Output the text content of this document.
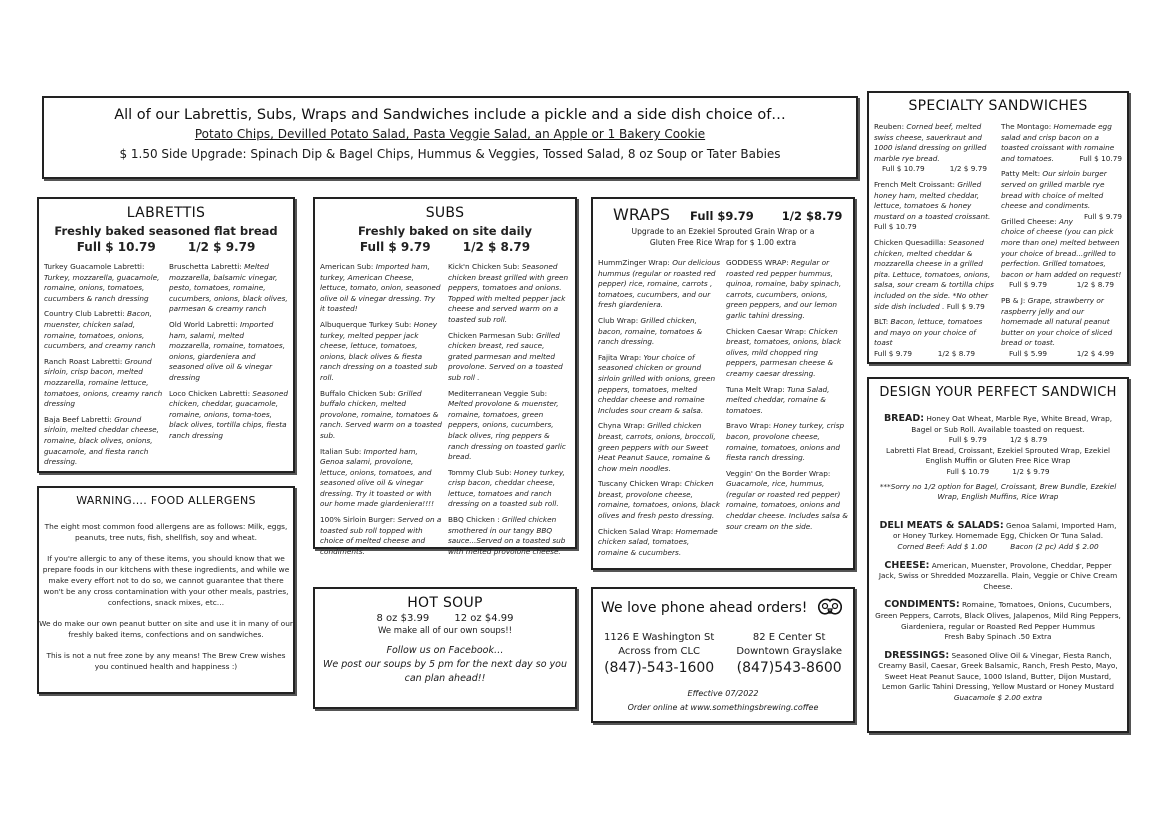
All of our Labrettis, Subs, Wraps and Sandwiches include a pickle and a side dish choice of…
Potato Chips, Devilled Potato Salad, Pasta Veggie Salad, an Apple or 1 Bakery Cookie
$ 1.50 Side Upgrade: Spinach Dip & Bagel Chips, Hummus & Veggies, Tossed Salad, 8 oz Soup or Tater Babies
LABRETTIS
Freshly baked seasoned flat bread
Full $ 10.79	1/2 $ 9.79
Turkey Guacamole Labretti: Turkey, mozzarella, guacamole, romaine, onions, tomatoes, cucumbers & ranch dressing
Country Club Labretti: Bacon, muenster, chicken salad, romaine, tomatoes, onions, cucumbers, and creamy ranch
Ranch Roast Labretti: Ground sirloin, crisp bacon, melted mozzarella, romaine lettuce, tomatoes, onions, creamy ranch dressing
Baja Beef Labretti: Ground sirloin, melted cheddar cheese, romaine, black olives, onions, guacamole, and fiesta ranch dressing.
Bruschetta Labretti: Melted mozzarella, balsamic vinegar, pesto, tomatoes, romaine, cucumbers, onions, black olives, parmesan & creamy ranch
Old World Labretti: Imported ham, salami, melted mozzarella, romaine, tomatoes, onions, giardeniera and seasoned olive oil & vinegar dressing
Loco Chicken Labretti: Seasoned chicken, cheddar, guacamole, romaine, onions, toma-toes, black olives, tortilla chips, fiesta ranch dressing
WARNING…. FOOD ALLERGENS
The eight most common food allergens are as follows: Milk, eggs, peanuts, tree nuts, fish, shellfish, soy and wheat.
If you're allergic to any of these items, you should know that we prepare foods in our kitchens with these ingredients, and while we make every effort not to do so, we cannot guarantee that there won't be any cross contamination with your other meals, pastries, confections, snack mixes, etc…
We do make our own peanut butter on site and use it in many of our freshly baked items, confections and on sandwiches.
This is not a nut free zone by any means! The Brew Crew wishes you continued health and happiness :)
SUBS
Freshly baked on site daily
Full $ 9.79	1/2 $ 8.79
American Sub: Imported ham, turkey, American Cheese, lettuce, tomato, onion, seasoned olive oil & vinegar dressing. Try it toasted!
Albuquerque Turkey Sub: Honey turkey, melted pepper jack cheese, lettuce, tomatoes, onions, black olives & fiesta ranch dressing on a toasted sub roll.
Buffalo Chicken Sub: Grilled buffalo chicken, melted provolone, romaine, tomatoes & ranch. Served warm on a toasted sub.
Italian Sub: Imported ham, Genoa salami, provolone, lettuce, onions, tomatoes, and seasoned olive oil & vinegar dressing. Try it toasted or with our home made giardeniera!!!!
100% Sirloin Burger: Served on a toasted sub roll topped with choice of melted cheese and condiments.
Kick'n Chicken Sub: Seasoned chicken breast grilled with green peppers, tomatoes and onions. Topped with melted pepper jack cheese and served warm on a toasted sub roll.
Chicken Parmesan Sub: Grilled chicken breast, red sauce, grated parmesan and melted provolone. Served on a toasted sub roll .
Mediterranean Veggie Sub: Melted provolone & muenster, romaine, tomatoes, green peppers, onions, cucumbers, black olives, ring peppers & ranch dressing on toasted garlic bread.
Tommy Club Sub: Honey turkey, crisp bacon, cheddar cheese, lettuce, tomatoes and ranch dressing on a toasted sub roll.
BBQ Chicken : Grilled chicken smothered in our tangy BBQ sauce...Served on a toasted sub with melted provolone cheese.
HOT SOUP
8 oz $3.99	12 oz $4.99
We make all of our own soups!!
Follow us on Facebook…
We post our soups by 5 pm for the next day so you can plan ahead!!
WRAPS Full $9.79 1/2 $8.79
Upgrade to an Ezekiel Sprouted Grain Wrap or a Gluten Free Rice Wrap for $ 1.00 extra
HummZinger Wrap: Our delicious hummus (regular or roasted red pepper) rice, romaine, carrots , tomatoes, cucumbers, and our fresh giardeniera.
Club Wrap: Grilled chicken, bacon, romaine, tomatoes & ranch dressing.
Fajita Wrap: Your choice of seasoned chicken or ground sirloin grilled with onions, green peppers, tomatoes, melted cheddar cheese and romaine Includes sour cream & salsa.
Chyna Wrap: Grilled chicken breast, carrots, onions, broccoli, green peppers with our Sweet Heat Peanut Sauce, romaine & chow mein noodles.
Tuscany Chicken Wrap: Chicken breast, provolone cheese, romaine, tomatoes, onions, black olives and fresh pesto dressing.
Chicken Salad Wrap: Homemade chicken salad, tomatoes, romaine & cucumbers.
GODDESS WRAP: Regular or roasted red pepper hummus, quinoa, romaine, baby spinach, carrots, cucumbers, onions, green peppers, and our lemon garlic tahini dressing.
Chicken Caesar Wrap: Chicken breast, tomatoes, onions, black olives, mild chopped ring peppers, parmesan cheese & creamy caesar dressing.
Tuna Melt Wrap: Tuna Salad, melted cheddar, romaine & tomatoes.
Bravo Wrap: Honey turkey, crisp bacon, provolone cheese, romaine, tomatoes, onions and fiesta ranch dressing.
Veggin' On the Border Wrap: Guacamole, rice, hummus, (regular or roasted red pepper) romaine, tomatoes, onions and cheddar cheese. Includes salsa & sour cream on the side.
We love phone ahead orders!
1126 E Washington St
Across from CLC
(847)-543-1600
82 E Center St
Downtown Grayslake
(847)543-8600
Effective 07/2022
Order online at www.somethingsbrewing.coffee
SPECIALTY SANDWICHES
Reuben: Corned beef, melted swiss cheese, sauerkraut and 1000 island dressing on grilled marble rye bread.
Full $ 10.79	1/2 $ 9.79
French Melt Croissant: Grilled honey ham, melted cheddar, lettuce, tomatoes & honey mustard on a toasted croissant.
Full $ 10.79
Chicken Quesadilla: Seasoned chicken, melted cheddar & mozzarella cheese in a grilled pita. Lettuce, tomatoes, onions, salsa, sour cream & tortilla chips included on the side. *No other side dish included . Full $ 9.79
BLT: Bacon, lettuce, tomatoes and mayo on your choice of toast
Full $ 9.79	1/2 $ 8.79
The Montago: Homemade egg salad and crisp bacon on a toasted croissant with romaine and tomatoes.	Full $ 10.79
Patty Melt: Our sirloin burger served on grilled marble rye bread with choice of melted cheese and condiments.
Full $ 9.79
Grilled Cheese: Any choice of cheese (you can pick more than one) melted between your choice of bread...grilled to perfection. Grilled tomatoes, bacon or ham added on request!
Full $ 9.79	1/2 $ 8.79
PB & J: Grape, strawberry or raspberry jelly and our homemade all natural peanut butter on your choice of sliced bread or toast.
Full $ 5.99	1/2 $ 4.99
DESIGN YOUR PERFECT SANDWICH
BREAD: Honey Oat Wheat, Marble Rye, White Bread, Wrap, Bagel or Sub Roll. Available toasted on request.
Full $ 9.79          1/2 $ 8.79
Labretti Flat Bread, Croissant, Ezekiel Sprouted Wrap, Ezekiel English Muffin or Gluten Free Rice Wrap
Full $ 10.79          1/2 $ 9.79
***Sorry no 1/2 option for Bagel, Croissant, Brew Bundle, Ezekiel Wrap, English Muffins, Rice Wrap
DELI MEATS & SALADS: Genoa Salami, Imported Ham, or Honey Turkey. Homemade Egg, Chicken Or Tuna Salad.
Corned Beef: Add $ 1.00          Bacon (2 pc) Add $ 2.00
CHEESE: American, Muenster, Provolone, Cheddar, Pepper Jack, Swiss or Shredded Mozzarella. Plain, Veggie or Chive Cream Cheese.
CONDIMENTS: Romaine, Tomatoes, Onions, Cucumbers, Green Peppers, Carrots, Black Olives, Jalapenos, Mild Ring Peppers, Giardeniera, regular or Roasted Red Pepper Hummus
Fresh Baby Spinach .50 Extra
DRESSINGS: Seasoned Olive Oil & Vinegar, Fiesta Ranch, Creamy Basil, Caesar, Greek Balsamic, Ranch, Fresh Pesto, Mayo, Sweet Heat Peanut Sauce, 1000 Island, Butter, Dijon Mustard, Lemon Garlic Tahini Dressing, Yellow Mustard or Honey Mustard
Guacamole $ 2.00 extra
